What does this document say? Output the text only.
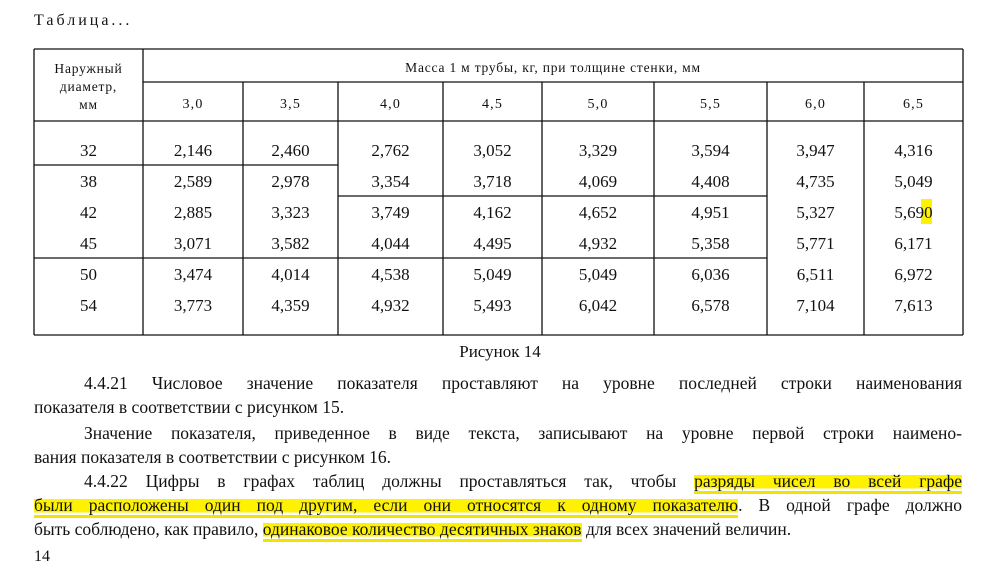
Таблица...
Наружный
диаметр,
мм
Масса 1 м трубы, кг, при толщине стенки, мм
3,0	3,5	4,0	4,5	5,0	5,5	6,0	6,5
32	2,146	2,460	2,762	3,052	3,329	3,594	3,947	4,316
38	2,589	2,978	3,354	3,718	4,069	4,408	4,735	5,049
42	2,885	3,323	3,749	4,162	4,652	4,951	5,327	5,690
45	3,071	3,582	4,044	4,495	4,932	5,358	5,771	6,171
50	3,474	4,014	4,538	5,049	5,049	6,036	6,511	6,972
54	3,773	4,359	4,932	5,493	6,042	6,578	7,104	7,613
Рисунок 14
4.4.21 Числовое значение показателя проставляют на уровне последней строки наименования
показателя в соответствии с рисунком 15.
Значение показателя, приведенное в виде текста, записывают на уровне первой строки наимено-
вания показателя в соответствии с рисунком 16.
4.4.22 Цифры в графах таблиц должны проставляться так, чтобы разряды чисел во всей графе
были расположены один под другим, если они относятся к одному показателю. В одной графе должно
быть соблюдено, как правило, одинаковое количество десятичных знаков для всех значений величин.
14
